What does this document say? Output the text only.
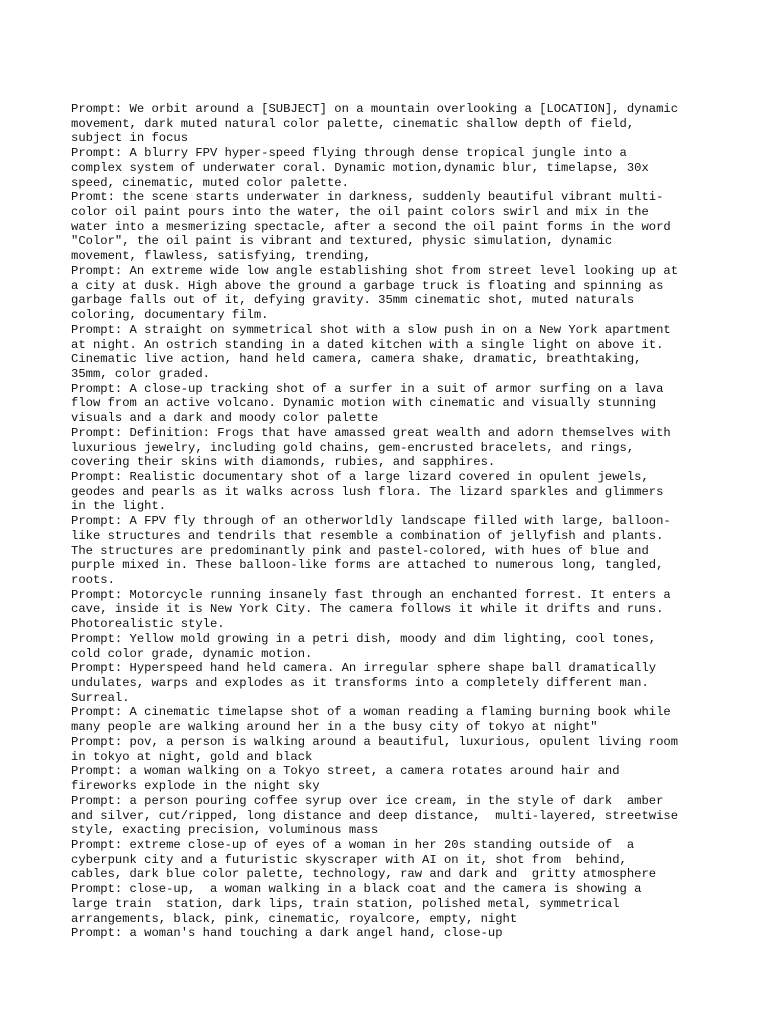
Prompt: We orbit around a [SUBJECT] on a mountain overlooking a [LOCATION], dynamic
movement, dark muted natural color palette, cinematic shallow depth of field,
subject in focus
Prompt: A blurry FPV hyper-speed flying through dense tropical jungle into a
complex system of underwater coral. Dynamic motion,dynamic blur, timelapse, 30x
speed, cinematic, muted color palette.
Promt: the scene starts underwater in darkness, suddenly beautiful vibrant multi-
color oil paint pours into the water, the oil paint colors swirl and mix in the
water into a mesmerizing spectacle, after a second the oil paint forms in the word
"Color", the oil paint is vibrant and textured, physic simulation, dynamic
movement, flawless, satisfying, trending,
Prompt: An extreme wide low angle establishing shot from street level looking up at
a city at dusk. High above the ground a garbage truck is floating and spinning as
garbage falls out of it, defying gravity. 35mm cinematic shot, muted naturals
coloring, documentary film.
Prompt: A straight on symmetrical shot with a slow push in on a New York apartment
at night. An ostrich standing in a dated kitchen with a single light on above it.
Cinematic live action, hand held camera, camera shake, dramatic, breathtaking,
35mm, color graded.
Prompt: A close-up tracking shot of a surfer in a suit of armor surfing on a lava
flow from an active volcano. Dynamic motion with cinematic and visually stunning
visuals and a dark and moody color palette
Prompt: Definition: Frogs that have amassed great wealth and adorn themselves with
luxurious jewelry, including gold chains, gem-encrusted bracelets, and rings,
covering their skins with diamonds, rubies, and sapphires.
Prompt: Realistic documentary shot of a large lizard covered in opulent jewels,
geodes and pearls as it walks across lush flora. The lizard sparkles and glimmers
in the light.
Prompt: A FPV fly through of an otherworldly landscape filled with large, balloon-
like structures and tendrils that resemble a combination of jellyfish and plants.
The structures are predominantly pink and pastel-colored, with hues of blue and
purple mixed in. These balloon-like forms are attached to numerous long, tangled,
roots.
Prompt: Motorcycle running insanely fast through an enchanted forrest. It enters a
cave, inside it is New York City. The camera follows it while it drifts and runs.
Photorealistic style.
Prompt: Yellow mold growing in a petri dish, moody and dim lighting, cool tones,
cold color grade, dynamic motion.
Prompt: Hyperspeed hand held camera. An irregular sphere shape ball dramatically
undulates, warps and explodes as it transforms into a completely different man.
Surreal.
Prompt: A cinematic timelapse shot of a woman reading a flaming burning book while
many people are walking around her in a the busy city of tokyo at night"
Prompt: pov, a person is walking around a beautiful, luxurious, opulent living room
in tokyo at night, gold and black
Prompt: a woman walking on a Tokyo street, a camera rotates around hair and
fireworks explode in the night sky
Prompt: a person pouring coffee syrup over ice cream, in the style of dark  amber
and silver, cut/ripped, long distance and deep distance,  multi-layered, streetwise
style, exacting precision, voluminous mass
Prompt: extreme close-up of eyes of a woman in her 20s standing outside of  a
cyberpunk city and a futuristic skyscraper with AI on it, shot from  behind,
cables, dark blue color palette, technology, raw and dark and  gritty atmosphere
Prompt: close-up,  a woman walking in a black coat and the camera is showing a
large train  station, dark lips, train station, polished metal, symmetrical
arrangements, black, pink, cinematic, royalcore, empty, night
Prompt: a woman's hand touching a dark angel hand, close-up
